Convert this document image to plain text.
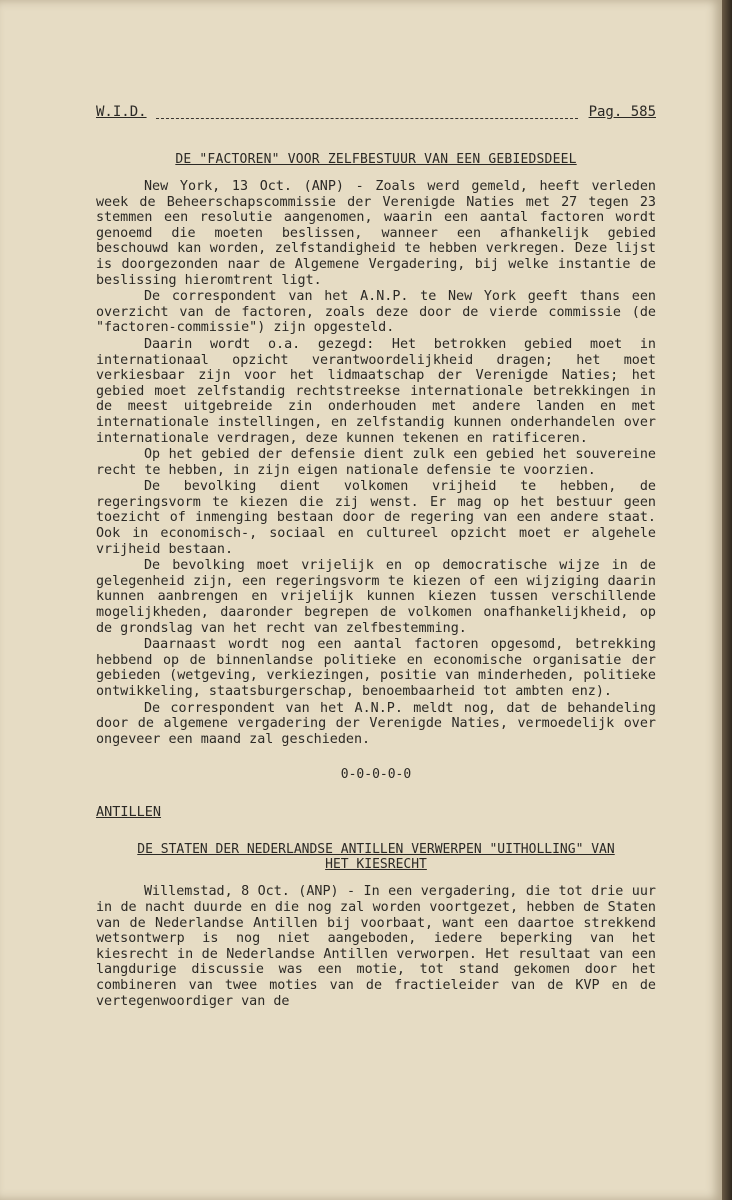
W.I.D.	Pag. 585
DE "FACTOREN" VOOR ZELFBESTUUR VAN EEN GEBIEDSDEEL
New York, 13 Oct. (ANP) - Zoals werd gemeld, heeft verleden week de Beheerschapscommissie der Verenigde Naties met 27 tegen 23 stemmen een resolutie aangenomen, waarin een aantal factoren wordt genoemd die moeten beslissen, wanneer een afhankelijk gebied beschouwd kan worden, zelfstandigheid te hebben verkregen. Deze lijst is doorgezonden naar de Algemene Vergadering, bij welke instantie de beslissing hieromtrent ligt.
De correspondent van het A.N.P. te New York geeft thans een overzicht van de factoren, zoals deze door de vierde commissie (de "factoren-commissie") zijn opgesteld.
Daarin wordt o.a. gezegd: Het betrokken gebied moet in internationaal opzicht verantwoordelijkheid dragen; het moet verkiesbaar zijn voor het lidmaatschap der Verenigde Naties; het gebied moet zelfstandig rechtstreekse internationale betrekkingen in de meest uitgebreide zin onderhouden met andere landen en met internationale instellingen, en zelfstandig kunnen onderhandelen over internationale verdragen, deze kunnen tekenen en ratificeren.
Op het gebied der defensie dient zulk een gebied het souvereine recht te hebben, in zijn eigen nationale defensie te voorzien.
De bevolking dient volkomen vrijheid te hebben, de regeringsvorm te kiezen die zij wenst. Er mag op het bestuur geen toezicht of inmenging bestaan door de regering van een andere staat. Ook in economisch-, sociaal en cultureel opzicht moet er algehele vrijheid bestaan.
De bevolking moet vrijelijk en op democratische wijze in de gelegenheid zijn, een regeringsvorm te kiezen of een wijziging daarin kunnen aanbrengen en vrijelijk kunnen kiezen tussen verschillende mogelijkheden, daaronder begrepen de volkomen onafhankelijkheid, op de grondslag van het recht van zelfbestemming.
Daarnaast wordt nog een aantal factoren opgesomd, betrekking hebbend op de binnenlandse politieke en economische organisatie der gebieden (wetgeving, verkiezingen, positie van minderheden, politieke ontwikkeling, staatsburgerschap, benoembaarheid tot ambten enz).
De correspondent van het A.N.P. meldt nog, dat de behandeling door de algemene vergadering der Verenigde Naties, vermoedelijk over ongeveer een maand zal geschieden.
0-0-0-0-0
ANTILLEN
DE STATEN DER NEDERLANDSE ANTILLEN VERWERPEN "UITHOLLING" VAN HET KIESRECHT
Willemstad, 8 Oct. (ANP) - In een vergadering, die tot drie uur in de nacht duurde en die nog zal worden voortgezet, hebben de Staten van de Nederlandse Antillen bij voorbaat, want een daartoe strekkend wetsontwerp is nog niet aangeboden, iedere beperking van het kiesrecht in de Nederlandse Antillen verworpen. Het resultaat van een langdurige discussie was een motie, tot stand gekomen door het combineren van twee moties van de fractieleider van de KVP en de vertegenwoordiger van de
